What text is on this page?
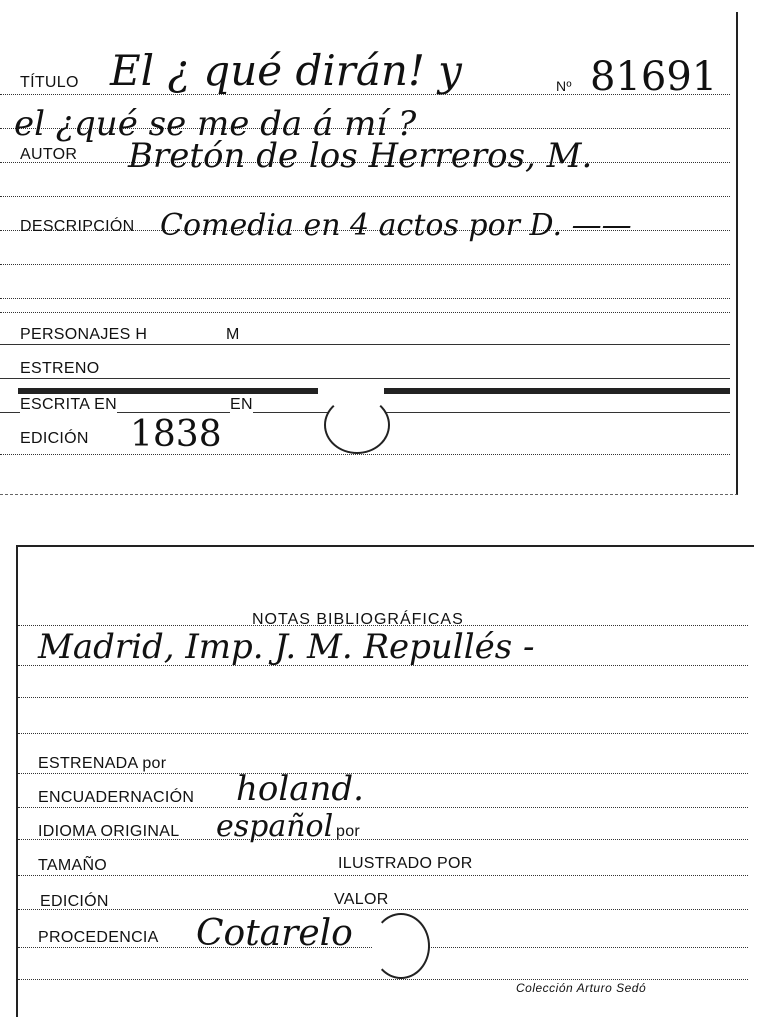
TÍTULO El ¿ qué dirán! y	Nº 81691
el ¿qué se me da á mí ?
AUTOR Bretón de los Herreros, M.
DESCRIPCIÓN Comedia en 4 actos por D. ——
PERSONAJES H	M
ESTRENO
ESCRITA EN	EN
EDICIÓN 1838
NOTAS BIBLIOGRÁFICAS
Madrid, Imp. J. M. Repullés -
ESTRENADA por
ENCUADERNACIÓN holand.
IDIOMA ORIGINAL español por
TAMAÑO	ILUSTRADO POR
EDICIÓN	VALOR
PROCEDENCIA Cotarelo
Colección Arturo Sedó
